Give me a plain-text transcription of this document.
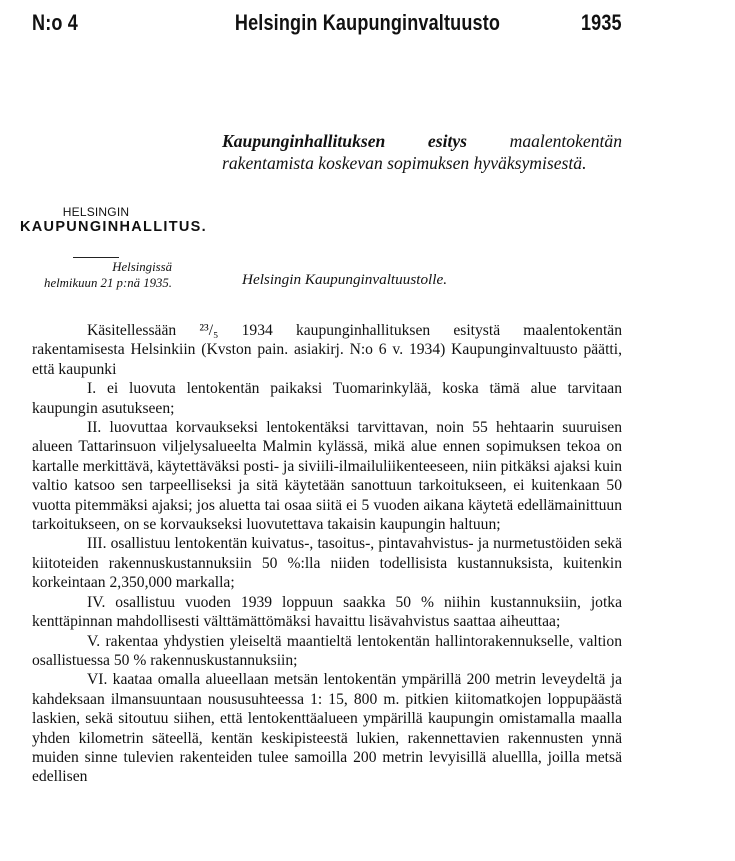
N:o 4	Helsingin Kaupunginvaltuusto	1935
Kaupunginhallituksen esitys maalentokentän rakentamista koskevan sopimuksen hyväksymisestä.
HELSINGIN
KAUPUNGINHALLITUS.
Helsingissä
helmikuun 21 p:nä 1935.	Helsingin Kaupunginvaltuustolle.

Käsitellessään ²³/₅ 1934 kaupunginhallituksen esitystä maalentokentän rakentamisesta Helsinkiin (Kvston pain. asiakirj. N:o 6 v. 1934) Kaupunginvaltuusto päätti, että kaupunki

I. ei luovuta lentokentän paikaksi Tuomarinkylää, koska tämä alue tarvitaan kaupungin asutukseen;

II. luovuttaa korvaukseksi lentokentäksi tarvittavan, noin 55 hehtaarin suuruisen alueen Tattarinsuon viljelysalueelta Malmin kylässä, mikä alue ennen sopimuksen tekoa on kartalle merkittävä, käytettäväksi posti- ja siviili-ilmailuliikenteeseen, niin pitkäksi ajaksi kuin valtio katsoo sen tarpeelliseksi ja sitä käytetään sanottuun tarkoitukseen, ei kuitenkaan 50 vuotta pitemmäksi ajaksi; jos aluetta tai osaa siitä ei 5 vuoden aikana käytetä edellämainittuun tarkoitukseen, on se korvaukseksi luovutettava takaisin kaupungin haltuun;

III. osallistuu lentokentän kuivatus-, tasoitus-, pintavahvistus- ja nurmetustöiden sekä kiitoteiden rakennuskustannuksiin 50 %:lla niiden todellisista kustannuksista, kuitenkin korkeintaan 2,350,000 markalla;

IV. osallistuu vuoden 1939 loppuun saakka 50 % niihin kustannuksiin, jotka kenttäpinnan mahdollisesti välttämättömäksi havaittu lisävahvistus saattaa aiheuttaa;

V. rakentaa yhdystien yleiseltä maantieltä lentokentän hallintorakennukselle, valtion osallistuessa 50 % rakennuskustannuksiin;

VI. kaataa omalla alueellaan metsän lentokentän ympärillä 200 metrin leveydeltä ja kahdeksaan ilmansuuntaan noususuhteessa 1: 15, 800 m. pitkien kiitomatkojen loppupäästä laskien, sekä sitoutuu siihen, että lentokenttäalueen ympärillä kaupungin omistamalla maalla yhden kilometrin säteellä, kentän keskipisteestä lukien, rakennettavien rakennusten ynnä muiden sinne tulevien rakenteiden tulee samoilla 200 metrin levyisillä aluellla, joilla metsä edellisen
